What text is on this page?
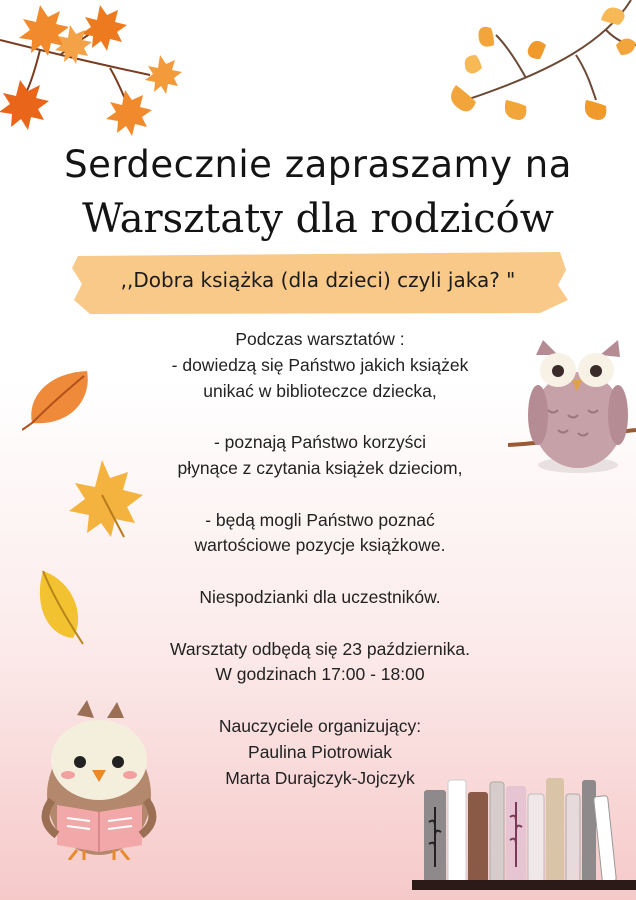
Serdecznie zapraszamy na
Warsztaty dla rodziców
,,Dobra książka (dla dzieci) czyli jaka? "

Podczas warsztatów :

- dowiedzą się Państwo jakich książek

unikać w biblioteczce dziecka,

- poznają Państwo korzyści

płynące z czytania książek dzieciom,

- będą mogli Państwo poznać

wartościowe pozycje książkowe.

Niespodzianki dla uczestników.

Warsztaty odbędą się 23 października.

W godzinach 17:00 - 18:00

Nauczyciele organizujący:

Paulina Piotrowiak

Marta Durajczyk-Jojczyk
